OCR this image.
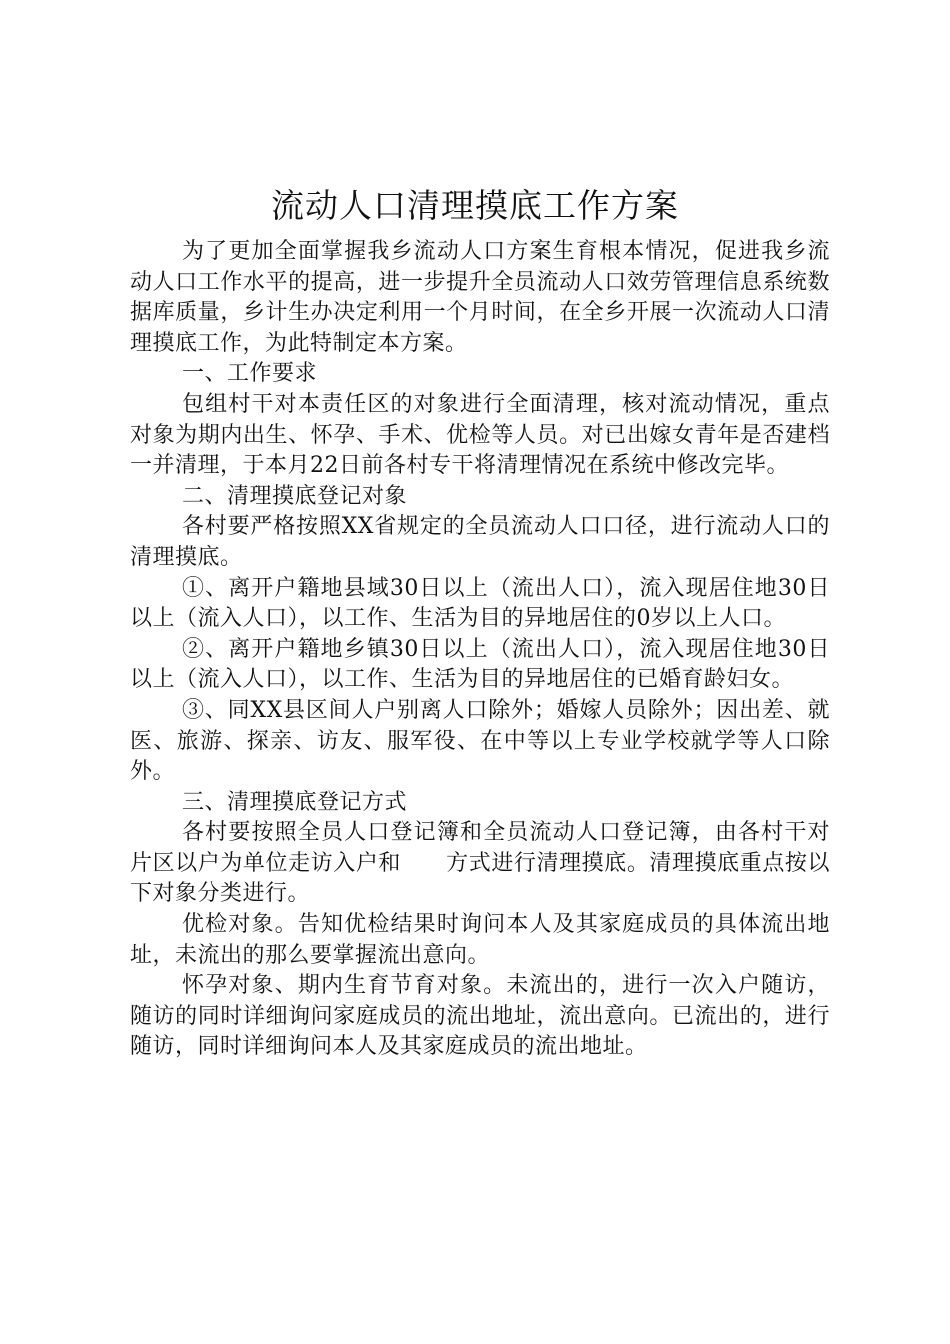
流动人口清理摸底工作方案

为了更加全面掌握我乡流动人口方案生育根本情况，促进我乡流动人口工作水平的提高，进一步提升全员流动人口效劳管理信息系统数据库质量，乡计生办决定利用一个月时间，在全乡开展一次流动人口清理摸底工作，为此特制定本方案。

一、工作要求

包组村干对本责任区的对象进行全面清理，核对流动情况，重点对象为期内出生、怀孕、手术、优检等人员。对已出嫁女青年是否建档一并清理，于本月22日前各村专干将清理情况在系统中修改完毕。

二、清理摸底登记对象

各村要严格按照XX省规定的全员流动人口口径，进行流动人口的清理摸底。

①、离开户籍地县域30日以上（流出人口），流入现居住地30日以上（流入人口），以工作、生活为目的异地居住的0岁以上人口。

②、离开户籍地乡镇30日以上（流出人口），流入现居住地30日以上（流入人口），以工作、生活为目的异地居住的已婚育龄妇女。

③、同XX县区间人户别离人口除外；婚嫁人员除外；因出差、就医、旅游、探亲、访友、服军役、在中等以上专业学校就学等人口除外。

三、清理摸底登记方式

各村要按照全员人口登记簿和全员流动人口登记簿，由各村干对片区以户为单位走访入户和　　方式进行清理摸底。清理摸底重点按以下对象分类进行。

优检对象。告知优检结果时询问本人及其家庭成员的具体流出地址，未流出的那么要掌握流出意向。

怀孕对象、期内生育节育对象。未流出的，进行一次入户随访，随访的同时详细询问家庭成员的流出地址，流出意向。已流出的，进行　　随访，同时详细询问本人及其家庭成员的流出地址。
